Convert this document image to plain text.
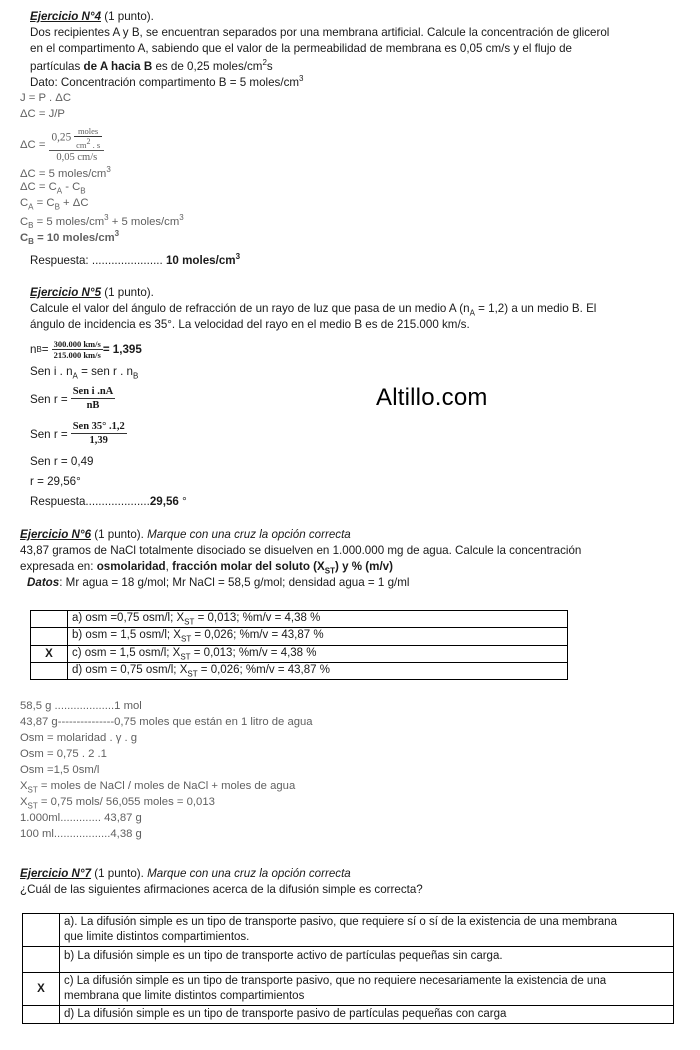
Ejercicio N°4 (1 punto).
Dos recipientes A y B, se encuentran separados por una membrana artificial. Calcule la concentración de glicerol
en el compartimento A, sabiendo que el valor de la permeabilidad de membrana es 0,05 cm/s y el flujo de
partículas de A hacia B es de 0,25 moles/$cm^2s$
Dato: Concentración compartimento B = 5 moles/$cm^3$
J = P . ΔC
ΔC = J/P
$\Delta C = \frac{0,25 \frac{\text{moles}}{cm^2 . s}}{0,05 cm/s}$
ΔC = 5 moles/$cm^3$
$\Delta C = C_A - C_B$
$C_A = C_B + \Delta C$
$C_B = 5$ moles/$cm^3 + 5$ moles/$cm^3$
$C_B = 10$ moles/$cm^3$
Respuesta: ...................... 10 moles/$cm^3$
Ejercicio N°5 (1 punto).
Calcule el valor del ángulo de refracción de un rayo de luz que pasa de un medio A $(n_A = 1,2)$ a un medio B. El
ángulo de incidencia es 35°. La velocidad del rayo en el medio B es de 215.000 km/s.
n $B = \frac{300.000 km/s}{215.000 km/s} = 1,395$
Sen i . $n_A$ = sen r . $n_B$
Sen $r = \frac{\text{Sen i .nA}}{nB}$
Sen $r = \frac{\text{Sen 35° .1,2}}{1,39}$
Sen r = 0,49
r = 29,56°
Respuesta....................29,56 °
Altillo.com
Ejercicio N°6 (1 punto). Marque con una cruz la opción correcta
43,87 gramos de NaCl totalmente disociado se disuelven en 1.000.000 mg de agua. Calcule la concentración
expresada en: osmolaridad, fracción molar del soluto $(X_{ST})$ y % (m/v)
Datos: Mr agua = 18 g/mol; Mr NaCl = 58,5 g/mol; densidad agua = 1 g/ml
	a) osm =0,75 osm/l; $X_{ST} = 0,013$; %m/v = 4,38 %
	b) osm = 1,5 osm/l; $X_{ST} = 0,026$; %m/v = 43,87 %
X	c) osm = 1,5 osm/l; $X_{ST} = 0,013$; %m/v = 4,38 %
	d) osm = 0,75 osm/l; $X_{ST} = 0,026$; %m/v = 43,87 %
58,5 g ...................1 mol
43,87 g---------------0,75 moles que están en 1 litro de agua
Osm = molaridad . γ . g
Osm = 0,75 . 2 .1
Osm =1,5 0sm/l
$X_{ST}$ = moles de NaCl / moles de NaCl + moles de agua
$X_{ST} = 0,75$ mols/ 56,055 moles = 0,013
1.000ml............. 43,87 g
100 ml..................4,38 g
Ejercicio N°7 (1 punto). Marque con una cruz la opción correcta
¿Cuál de las siguientes afirmaciones acerca de la difusión simple es correcta?

	a). La difusión simple es un tipo de transporte pasivo, que requiere sí o sí de la existencia de una membrana
que limite distintos compartimientos.

	b) La difusión simple es un tipo de transporte activo de partículas pequeñas sin carga.
X	c) La difusión simple es un tipo de transporte pasivo, que no requiere necesariamente la existencia de una
membrana que limite distintos compartimientos

	d) La difusión simple es un tipo de transporte pasivo de partículas pequeñas con carga
